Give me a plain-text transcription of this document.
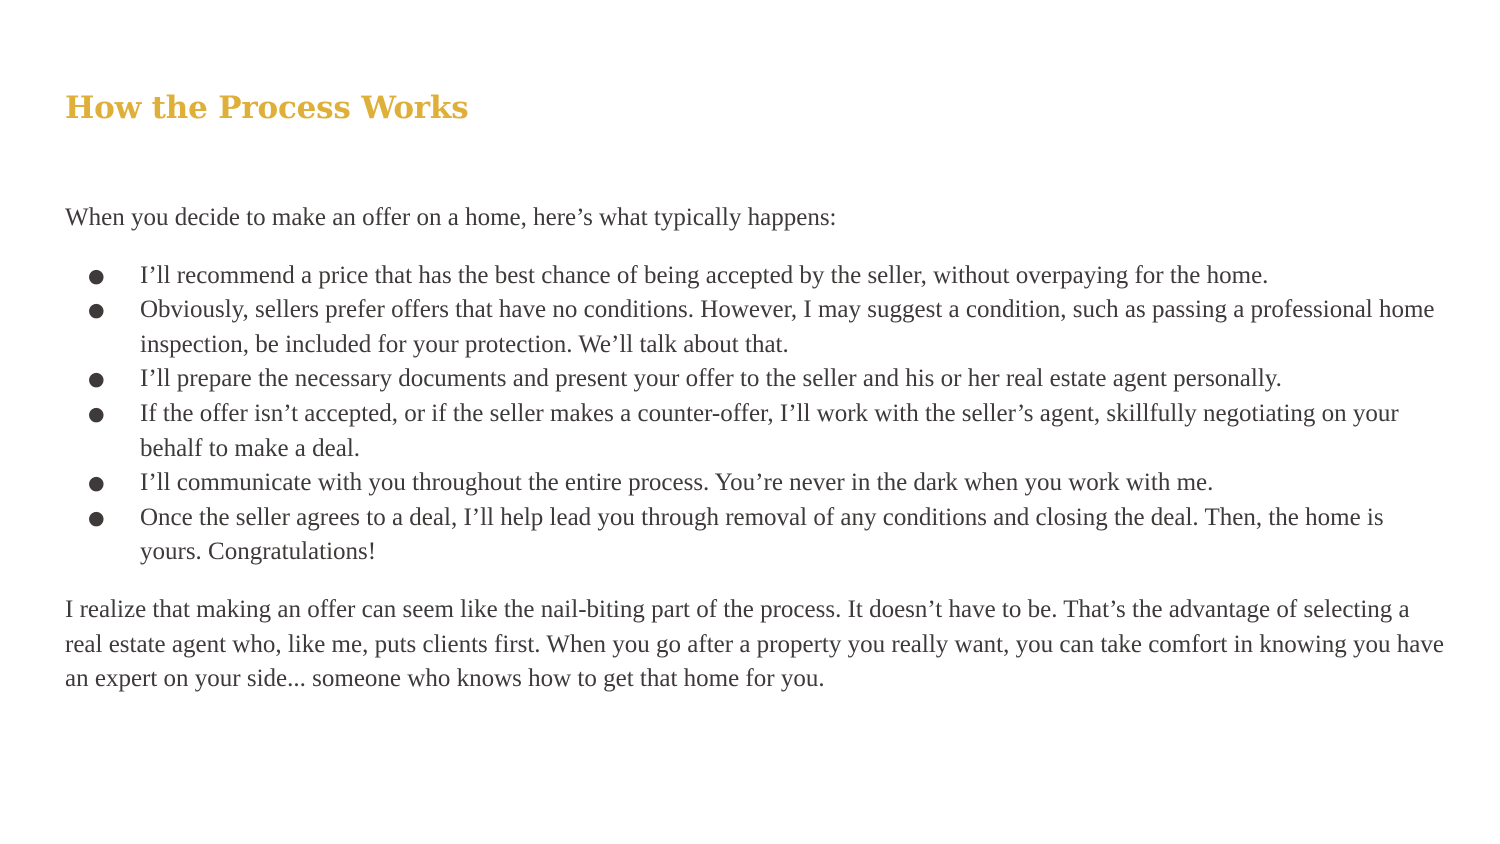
How the Process Works

When you decide to make an offer on a home, here’s what typically happens:

● I’ll recommend a price that has the best chance of being accepted by the seller, without overpaying for the home.
● Obviously, sellers prefer offers that have no conditions. However, I may suggest a condition, such as passing a professional home inspection, be included for your protection. We’ll talk about that.
● I’ll prepare the necessary documents and present your offer to the seller and his or her real estate agent personally.
● If the offer isn’t accepted, or if the seller makes a counter-offer, I’ll work with the seller’s agent, skillfully negotiating on your behalf to make a deal.
● I’ll communicate with you throughout the entire process. You’re never in the dark when you work with me.
● Once the seller agrees to a deal, I’ll help lead you through removal of any conditions and closing the deal. Then, the home is yours. Congratulations!

I realize that making an offer can seem like the nail-biting part of the process. It doesn’t have to be. That’s the advantage of selecting a real estate agent who, like me, puts clients first. When you go after a property you really want, you can take comfort in knowing you have an expert on your side... someone who knows how to get that home for you.
